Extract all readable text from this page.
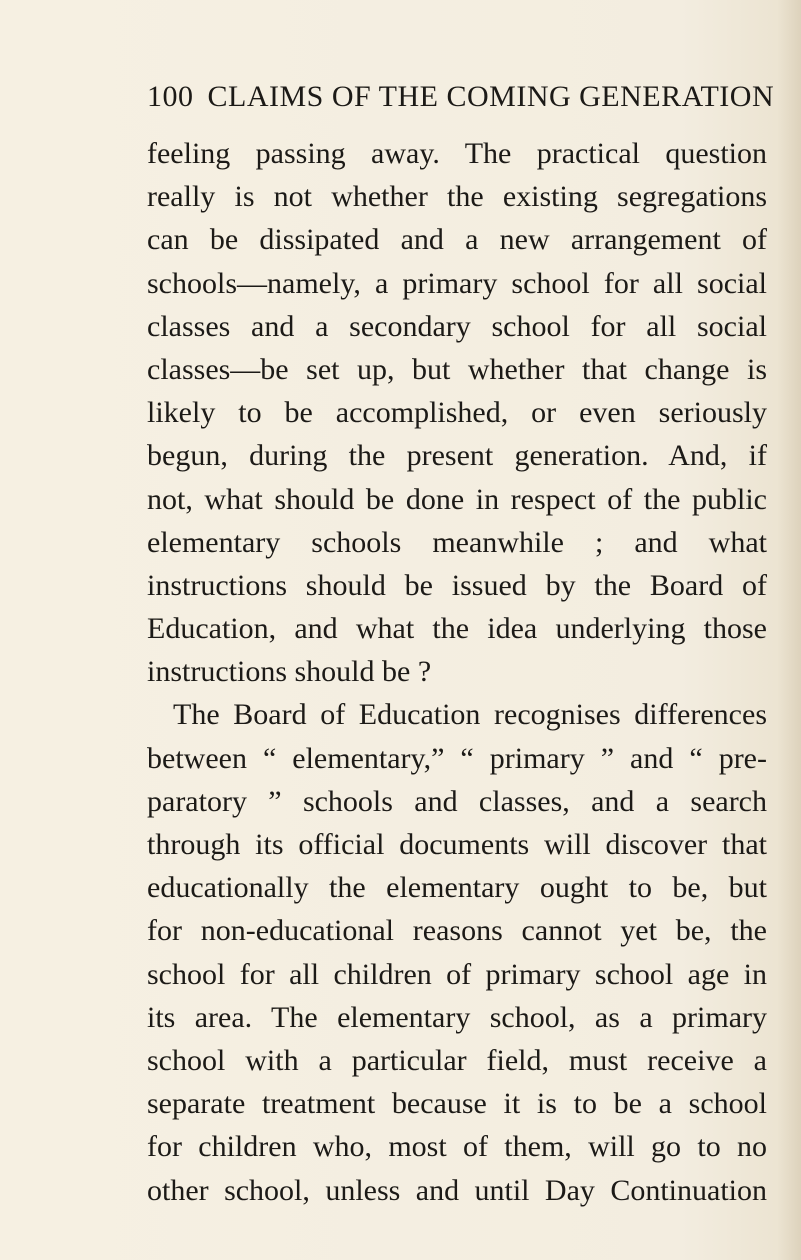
100 CLAIMS OF THE COMING GENERATION
feeling passing away. The practical question
really is not whether the existing segregations
can be dissipated and a new arrangement of
schools—namely, a primary school for all social
classes and a secondary school for all social
classes—be set up, but whether that change is
likely to be accomplished, or even seriously
begun, during the present generation. And, if
not, what should be done in respect of the public
elementary schools meanwhile ; and what
instructions should be issued by the Board of
Education, and what the idea underlying those
instructions should be ?
The Board of Education recognises differences
between “ elementary,” “ primary ” and “ pre-
paratory ” schools and classes, and a search
through its official documents will discover that
educationally the elementary ought to be, but
for non-educational reasons cannot yet be, the
school for all children of primary school age in
its area. The elementary school, as a primary
school with a particular field, must receive a
separate treatment because it is to be a school
for children who, most of them, will go to no
other school, unless and until Day Continuation
